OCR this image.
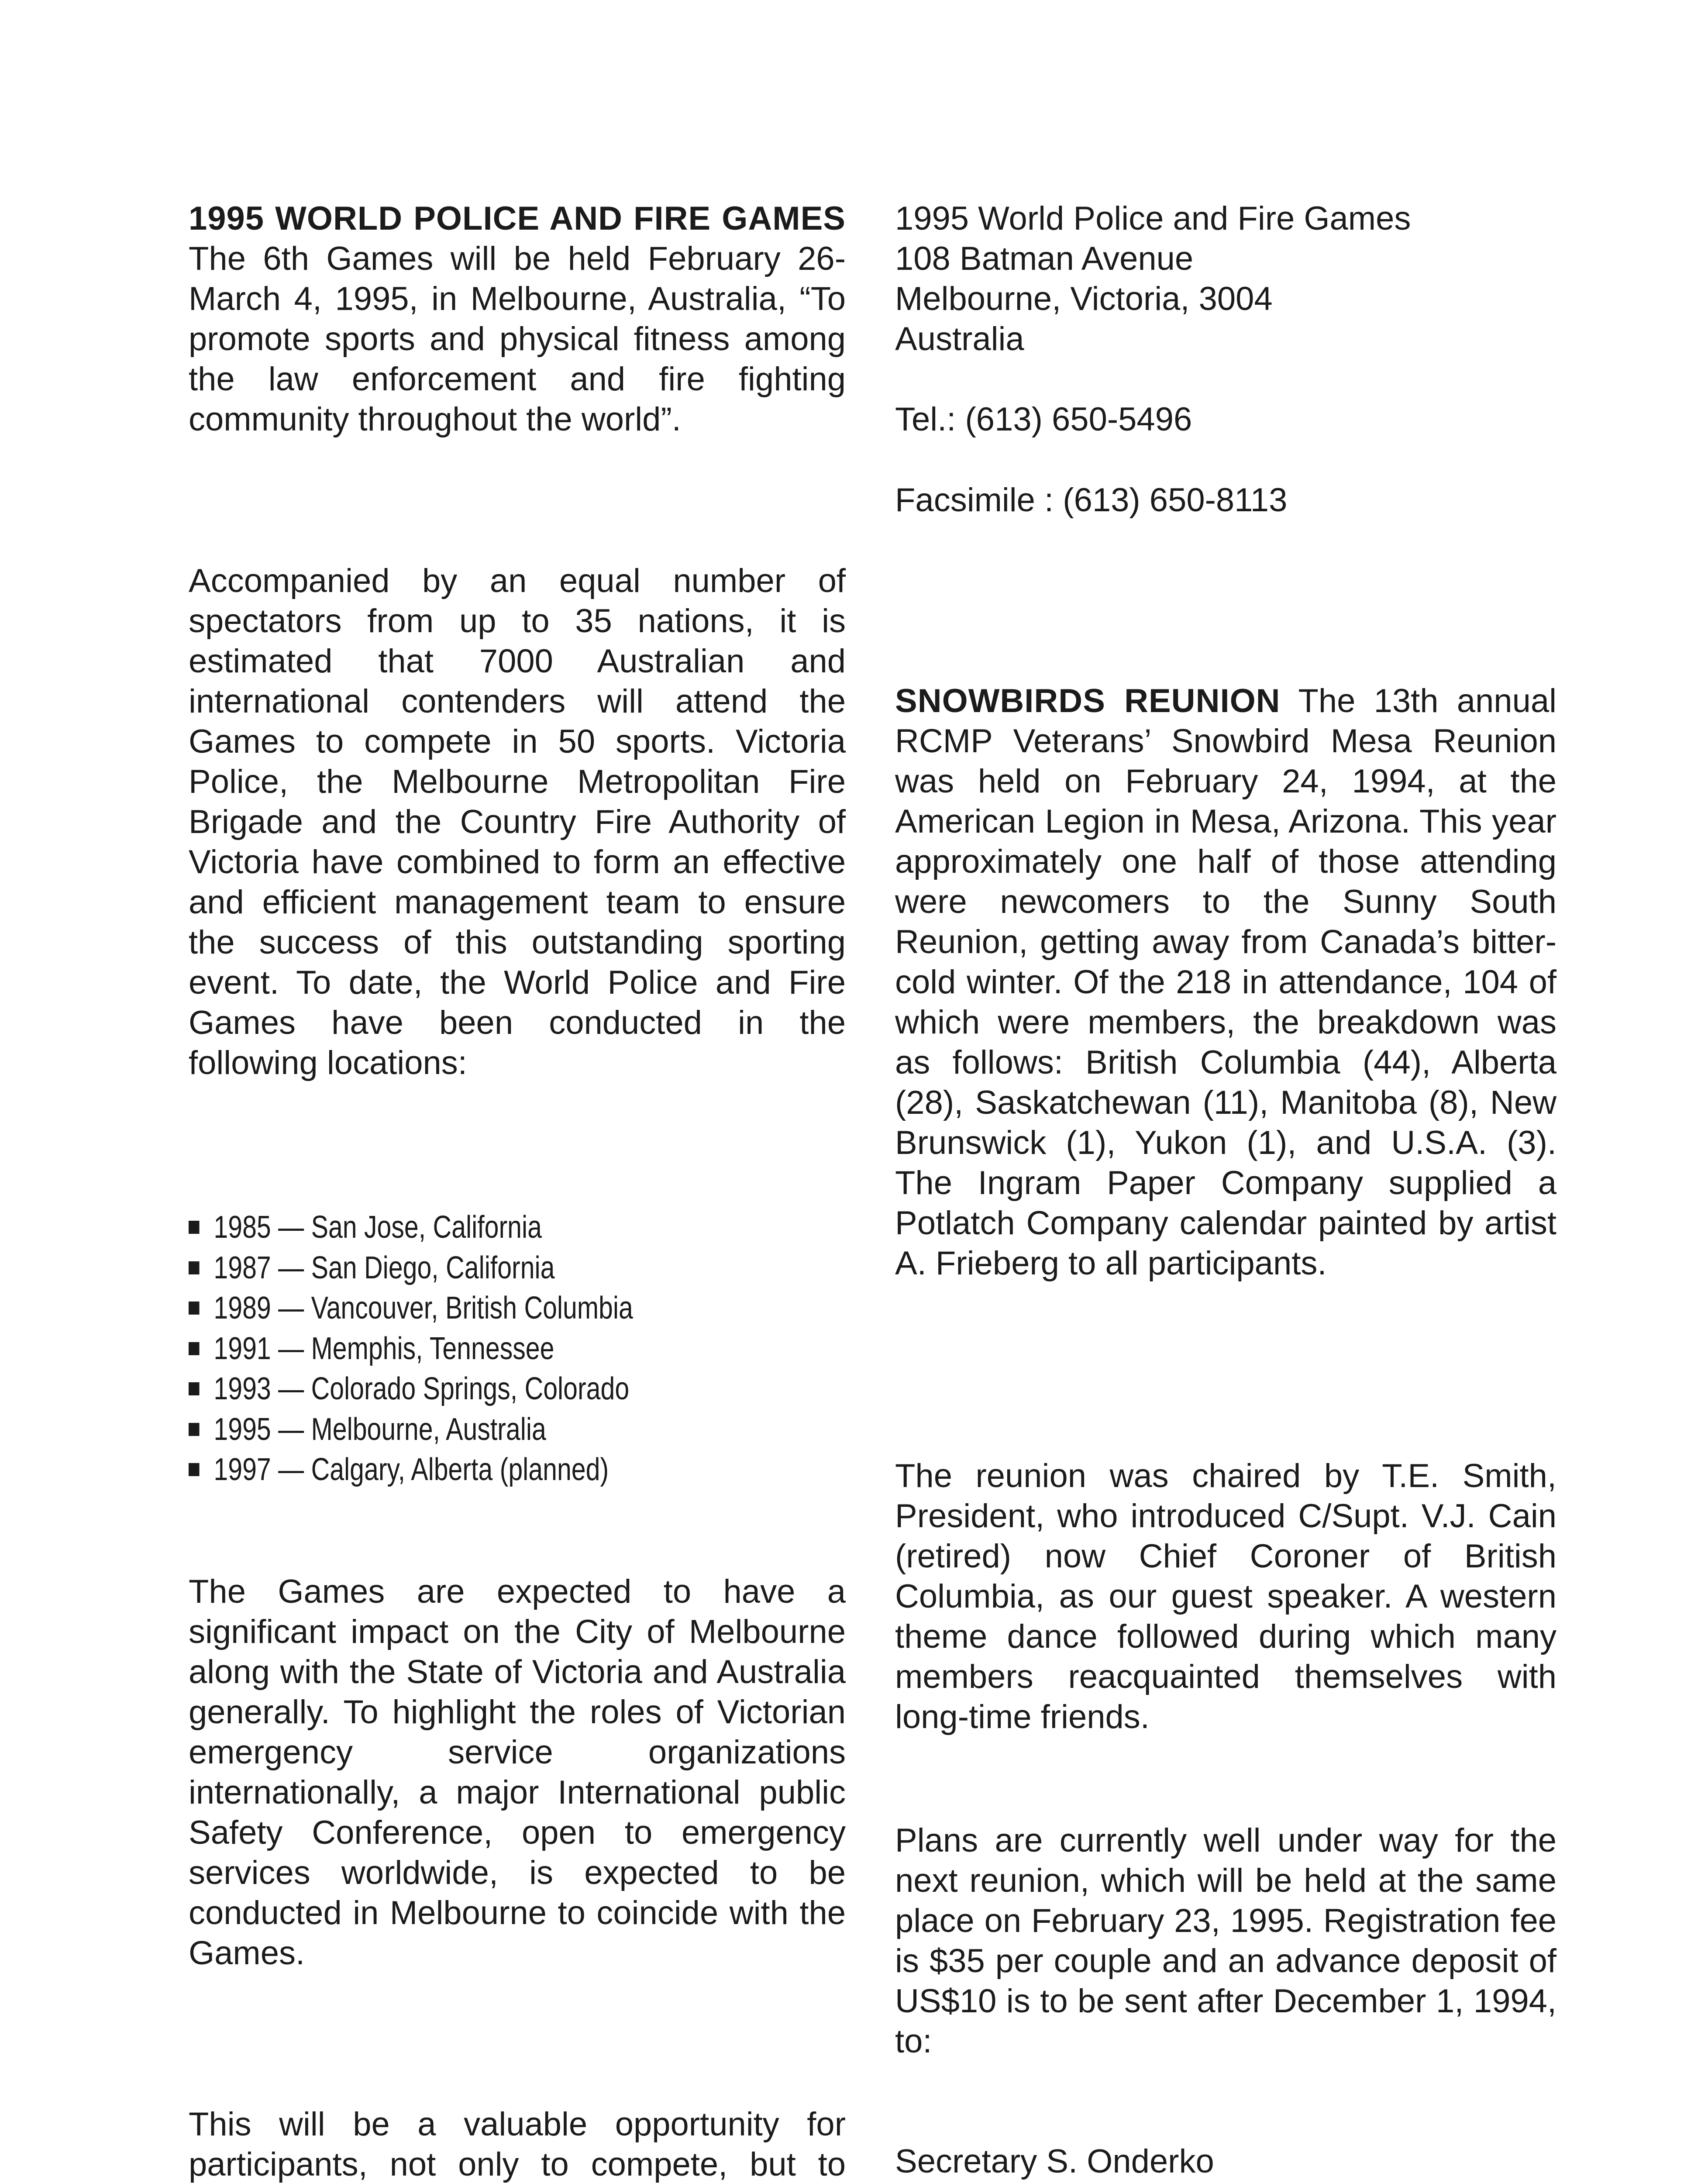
1995 WORLD POLICE AND FIRE GAMES The 6th Games will be held February 26-March 4, 1995, in Melbourne, Australia, “To promote sports and physical fitness among the law enforcement and fire fighting community throughout the world”.

Accompanied by an equal number of spectators from up to 35 nations, it is estimated that 7000 Australian and international contenders will attend the Games to compete in 50 sports. Victoria Police, the Melbourne Metropolitan Fire Brigade and the Country Fire Authority of Victoria have combined to form an effective and efficient management team to ensure the success of this outstanding sporting event. To date, the World Police and Fire Games have been conducted in the following locations:

1985 — San Jose, California
1987 — San Diego, California
1989 — Vancouver, British Columbia
1991 — Memphis, Tennessee
1993 — Colorado Springs, Colorado
1995 — Melbourne, Australia
1997 — Calgary, Alberta (planned)

The Games are expected to have a significant impact on the City of Melbourne along with the State of Victoria and Australia generally. To highlight the roles of Victorian emergency service organizations internationally, a major International public Safety Conference, open to emergency services worldwide, is expected to be conducted in Melbourne to coincide with the Games.

This will be a valuable opportunity for participants, not only to compete, but to

1995 World Police and Fire Games
108 Batman Avenue
Melbourne, Victoria, 3004
Australia

Tel.: (613) 650-5496

Facsimile : (613) 650-8113

SNOWBIRDS REUNION The 13th annual RCMP Veterans’ Snowbird Mesa Reunion was held on February 24, 1994, at the American Legion in Mesa, Arizona. This year approximately one half of those attending were newcomers to the Sunny South Reunion, getting away from Canada’s bitter-cold winter. Of the 218 in attendance, 104 of which were members, the breakdown was as follows: British Columbia (44), Alberta (28), Saskatchewan (11), Manitoba (8), New Brunswick (1), Yukon (1), and U.S.A. (3). The Ingram Paper Company supplied a Potlatch Company calendar painted by artist A. Frieberg to all participants.

The reunion was chaired by T.E. Smith, President, who introduced C/Supt. V.J. Cain (retired) now Chief Coroner of British Columbia, as our guest speaker. A western theme dance followed during which many members reacquainted themselves with long-time friends.

Plans are currently well under way for the next reunion, which will be held at the same place on February 23, 1995. Registration fee is $35 per couple and an advance deposit of US$10 is to be sent after December 1, 1994, to:

Secretary S. Onderko
